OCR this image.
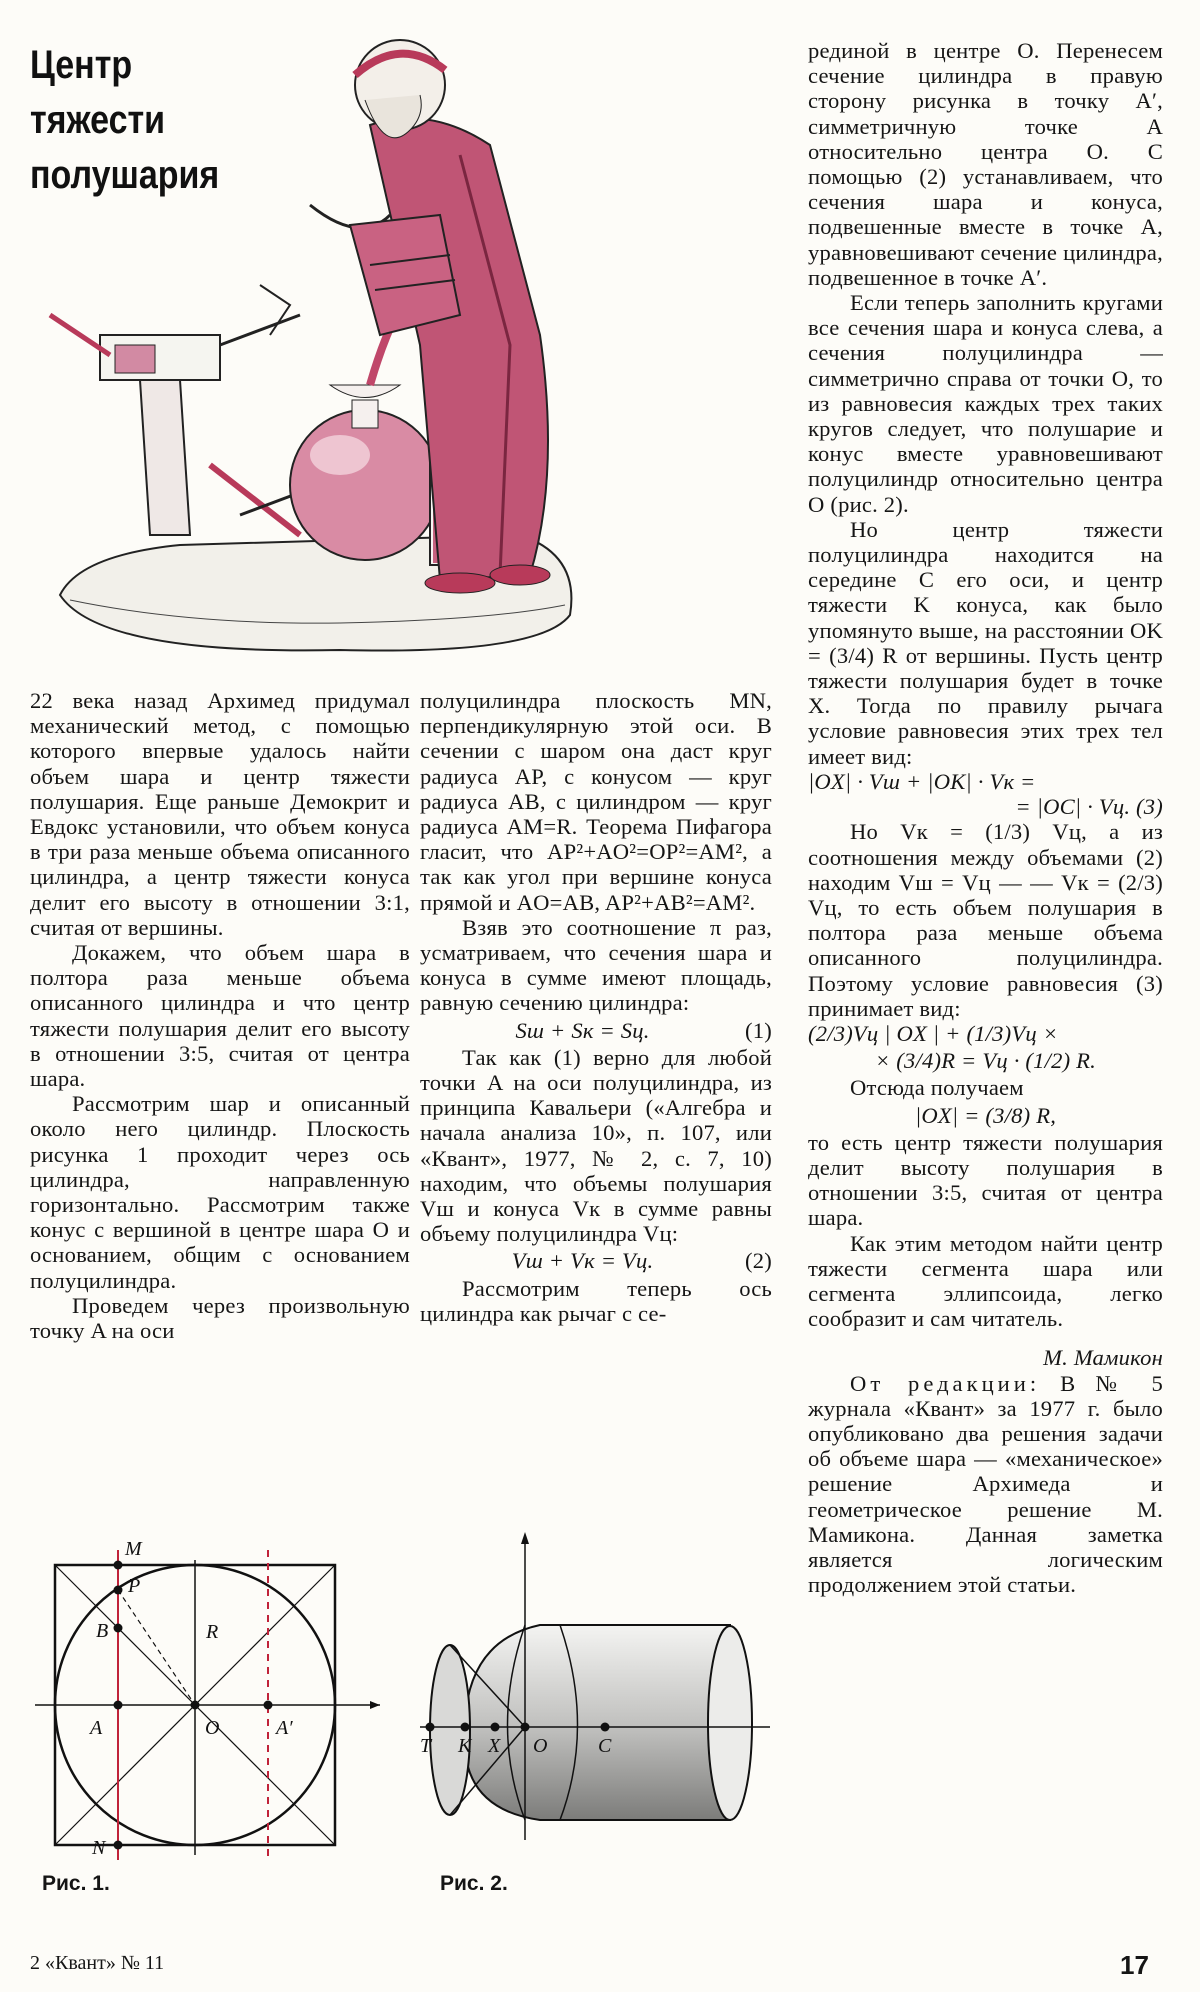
Центр
тяжести
полушария

22 века назад Архимед придумал механический метод, с помощью которого впервые удалось найти объем шара и центр тяжести полушария. Еще раньше Демокрит и Евдокс установили, что объем конуса в три раза меньше объема описанного цилиндра, а центр тяжести конуса делит его высоту в отношении 3:1, считая от вершины.

Докажем, что объем шара в полтора раза меньше объема описанного цилиндра и что центр тяжести полушария делит его высоту в отношении 3:5, считая от центра шара.

Рассмотрим шар и описанный около него цилиндр. Плоскость рисунка 1 проходит через ось цилиндра, направленную горизонтально. Рассмотрим также конус с вершиной в центре шара O и основанием, общим с основанием полуцилиндра.

Проведем через произвольную точку A на оси

полуцилиндра плоскость MN, перпендикулярную этой оси. В сечении с шаром она даст круг радиуса AP, с конусом — круг радиуса AB, с цилиндром — круг радиуса AM=R. Теорема Пифагора гласит, что AP²+AO²=OP²=AM², а так как угол при вершине конуса прямой и AO=AB, AP²+AB²=AM².

Взяв это соотношение π раз, усматриваем, что сечения шара и конуса в сумме имеют площадь, равную сечению цилиндра:

Sш + Sк = Sц.	(1)

Так как (1) верно для любой точки A на оси полуцилиндра, из принципа Кавальери («Алгебра и начала анализа 10», п. 107, или «Квант», 1977, № 2, с. 7, 10) находим, что объемы полушария Vш и конуса Vк в сумме равны объему полуцилиндра Vц:

Vш + Vк = Vц.	(2)

Рассмотрим теперь ось цилиндра как рычаг с се-

рединой в центре O. Перенесем сечение цилиндра в правую сторону рисунка в точку A′, симметричную точке A относительно центра O. С помощью (2) устанавливаем, что сечения шара и конуса, подвешенные вместе в точке A, уравновешивают сечение цилиндра, подвешенное в точке A′.

Если теперь заполнить кругами все сечения шара и конуса слева, а сечения полуцилиндра — симметрично справа от точки O, то из равновесия каждых трех таких кругов следует, что полушарие и конус вместе уравновешивают полуцилиндр относительно центра O (рис. 2).

Но центр тяжести полуцилиндра находится на середине C его оси, и центр тяжести K конуса, как было упомянуто выше, на расстоянии OK = (3/4) R от вершины. Пусть центр тяжести полушария будет в точке X. Тогда по правилу рычага условие равновесия этих трех тел имеет вид:

|OX| · Vш + |OK| · Vк =
= |OC| · Vц. (3)

Но Vк = (1/3) Vц, а из соотношения между объемами (2) находим Vш = Vц — — Vк = (2/3) Vц, то есть объем полушария в полтора раза меньше объема описанного полуцилиндра. Поэтому условие равновесия (3) принимает вид:

(2/3)Vц | OX | + (1/3)Vц ×
× (3/4)R = Vц · (1/2) R.

Отсюда получаем

|OX| = (3/8) R,

то есть центр тяжести полушария делит высоту полушария в отношении 3:5, считая от центра шара.

Как этим методом найти центр тяжести сегмента шара или сегмента эллипсоида, легко сообразит и сам читатель.

М. Мамикон

От редакции: В № 5 журнала «Квант» за 1977 г. было опубликовано два решения задачи об объеме шара — «механическое» решение Архимеда и геометрическое решение М. Мамикона. Данная заметка является логическим продолжением этой статьи.

M
P
B	R
A	O	A′
N
T K X O	C
Рис. 1.	Рис. 2.
2 «Квант» № 11	17
